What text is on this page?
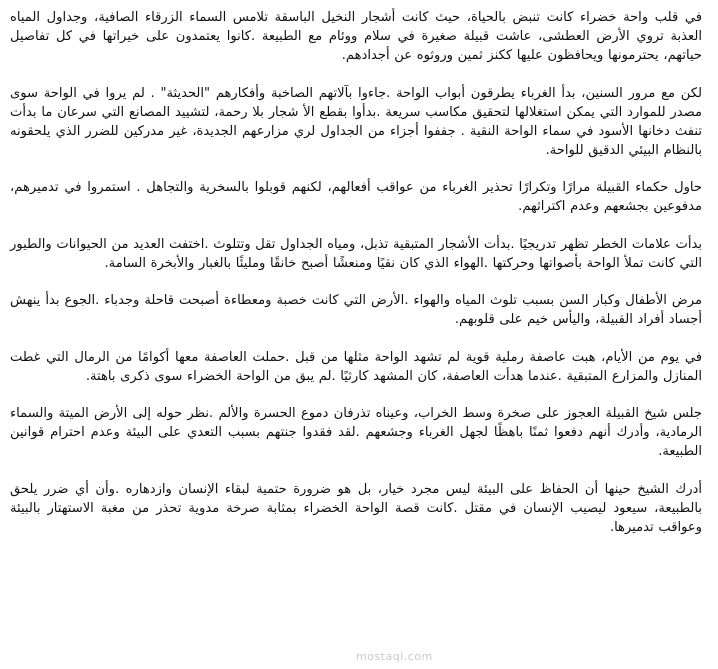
في قلب واحة خضراء كانت تنبض بالحياة، حيث كانت أشجار النخيل الباسقة تلامس السماء الزرقاء الصافية، وجداول المياه العذبة تروي الأرض العطشى، عاشت قبيلة صغيرة في سلام ووئام مع الطبيعة .كانوا يعتمدون على خيراتها في كل تفاصيل حياتهم، يحترمونها ويحافظون عليها ككنز ثمين وروثوه عن أجدادهم.

لكن مع مرور السنين، بدأ الغرباء يطرقون أبواب الواحة .جاءوا بآلاتهم الصاخبة وأفكارهم "الحديثة" . لم يروا في الواحة سوى مصدر للموارد التي يمكن استغلالها لتحقيق مكاسب سريعة .بدأوا بقطع الأ شجار بلا رحمة، لتشييد المصانع التي سرعان ما بدأت تنفث دخانها الأسود في سماء الواحة النقية . جففوا أجزاء من الجداول لري مزارعهم الجديدة، غير مدركين للضرر الذي يلحقونه بالنظام البيئي الدقيق للواحة.

حاول حكماء القبيلة مرارًا وتكرارًا تحذير الغرباء من عواقب أفعالهم، لكنهم قوبلوا بالسخرية والتجاهل . استمروا في تدميرهم، مدفوعين بجشعهم وعدم اكتراثهم.

بدأت علامات الخطر تظهر تدريجيًا .بدأت الأشجار المتبقية تذبل، ومياه الجداول تقل وتتلوث .اختفت العديد من الحيوانات والطيور التي كانت تملأ الواحة بأصواتها وحركتها .الهواء الذي كان نقيًا ومنعشًا أصبح خانقًا ومليئًا بالغبار والأبخرة السامة.

مرض الأطفال وكبار السن بسبب تلوث المياه والهواء .الأرض التي كانت خصبة ومعطاءة أصبحت قاحلة وجدباء .الجوع بدأ ينهش أجساد أفراد القبيلة، واليأس خيم على قلوبهم.

في يوم من الأيام، هبت عاصفة رملية قوية لم تشهد الواحة مثلها من قبل .حملت العاصفة معها أكوامًا من الرمال التي غطت المنازل والمزارع المتبقية .عندما هدأت العاصفة، كان المشهد كارثيًا .لم يبق من الواحة الخضراء سوى ذكرى باهتة.

جلس شيخ القبيلة العجوز على صخرة وسط الخراب، وعيناه تذرفان دموع الحسرة والألم .نظر حوله إلى الأرض الميتة والسماء الرمادية، وأدرك أنهم دفعوا ثمنًا باهظًا لجهل الغرباء وجشعهم .لقد فقدوا جنتهم بسبب التعدي على البيئة وعدم احترام قوانين الطبيعة.

أدرك الشيخ حينها أن الحفاظ على البيئة ليس مجرد خيار، بل هو ضرورة حتمية لبقاء الإنسان وازدهاره .وأن أي ضرر يلحق بالطبيعة، سيعود ليصيب الإنسان في مقتل .كانت قصة الواحة الخضراء بمثابة صرخة مدوية تحذر من مغبة الاستهتار بالبيئة وعواقب تدميرها.

mostaql.com
